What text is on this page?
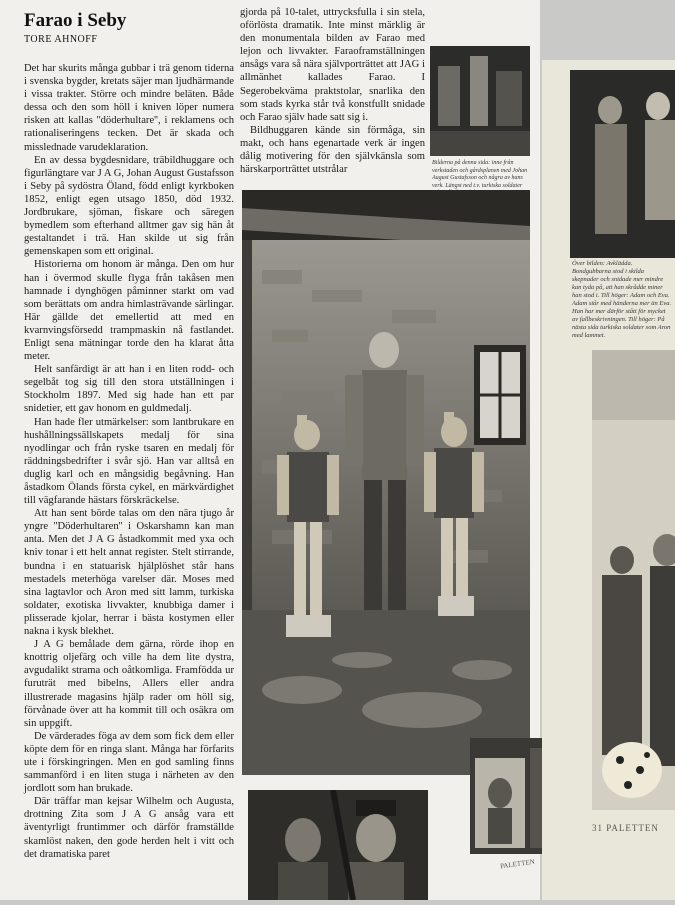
Farao i Seby
TORE AHNOFF

Det har skurits många gubbar i trä genom tiderna i svenska bygder, kretats säjer man ljudhärmande i vissa trakter. Större och mindre beläten. Både dessa och den som höll i kniven löper numera risken att kallas ''döderhultare'', i reklamens och rationaliseringens tecken. Det är skada och misslednade varudeklaration.

En av dessa bygdesnidare, träbildhuggare och figurlängtare var J A G, Johan August Gustafsson i Seby på sydöstra Öland, född enligt kyrkboken 1852, enligt egen utsago 1850, död 1932. Jordbrukare, sjöman, fiskare och säregen bymedlem som efterhand alltmer gav sig hän åt gestaltandet i trä. Han skilde ut sig från gemenskapen som ett original.

Historierna om honom är många. Den om hur han i övermod skulle flyga från takåsen men hamnade i dynghögen påminner starkt om vad som berättats om andra himlasträvande särlingar. Här gällde det emellertid att med en kvarnvingsförsedd trampmaskin nå fastlandet. Enligt sena mätningar torde den ha klarat åtta meter.

Helt sanfärdigt är att han i en liten rodd- och segelbåt tog sig till den stora utställningen i Stockholm 1897. Med sig hade han ett par snidetier, ett gav honom en guldmedalj.

Han hade fler utmärkelser: som lantbrukare en hushållningssällskapets medalj för sina nyodlingar och från ryske tsaren en medalj för räddningsbedrifter i svår sjö. Han var alltså en duglig karl och en mångsidig begåvning. Han åstadkom Ölands första cykel, en märkvärdighet till vägfarande hästars förskräckelse.

Att han sent börde talas om den nära tjugo år yngre ''Döderhultaren'' i Oskarshamn kan man anta. Men det J A G åstadkommit med yxa och kniv tonar i ett helt annat register. Stelt stirrande, bundna i en statuarisk hjälplöshet står hans mestadels meterhöga varelser där. Moses med sina lagtavlor och Aron med sitt lamm, turkiska soldater, exotiska livvakter, knubbiga damer i plisserade kjolar, herrar i bästa kostymen eller nakna i kysk blekhet.

J A G bemålade dem gärna, rörde ihop en knottrig oljefärg och ville ha dem lite dystra, avgudalikt strama och oåtkomliga. Framfödda ur furuträt med bibelns, Allers eller andra illustrerade magasins hjälp rader om höll sig, förvånade över att ha kommit till och osäkra om sin uppgift.

De värderades föga av dem som fick dem eller köpte dem för en ringa slant. Många har förfarits ute i förskingringen. Men en god samling finns sammanförd i en liten stuga i närheten av den jordlott som han brukade.

Där träffar man kejsar Wilhelm och Augusta, drottning Zita som J A G ansåg vara ett äventyrligt fruntimmer och därför framställde skamlöst naken, den gode herden helt i vitt och det dramatiska paret

gjorda på 10-talet, uttrycksfulla i sin stela, oförlösta dramatik. Inte minst märklig är den monumentala bilden av Farao med lejon och livvakter. Faraoframställningen ansågs vara så nära självporträttet att JAG i allmänhet kallades Farao. I Segerobekväma praktstolar, snarlika den som stads kyrka står två konstfullt snidade och Farao själv hade satt sig i.

Bildhuggaren kände sin förmåga, sin makt, och hans egenartade verk är ingen dålig motivering för den självkänsla som härskarporträttet utstrålar

Bilderna på denna sida: inne från verkstaden och gårdsplanen med Johan August Gustafsson och några av hans verk. Längst ned t.v. turkiska soldater
PALETTEN
Över bilden: Avklädda. Bondgubbarna stod i skilda skepnader och snidade mer mindre kan tyda på, att han skrådde miner han stod i. Till höger: Adam och Eva. Adam står med händerna mer än Eva. Han har mer därför stått för mycket av fallbeskrivningen. Till höger: På nästa sida turkiska soldater som Aron med lammet.
31 PALETTEN
